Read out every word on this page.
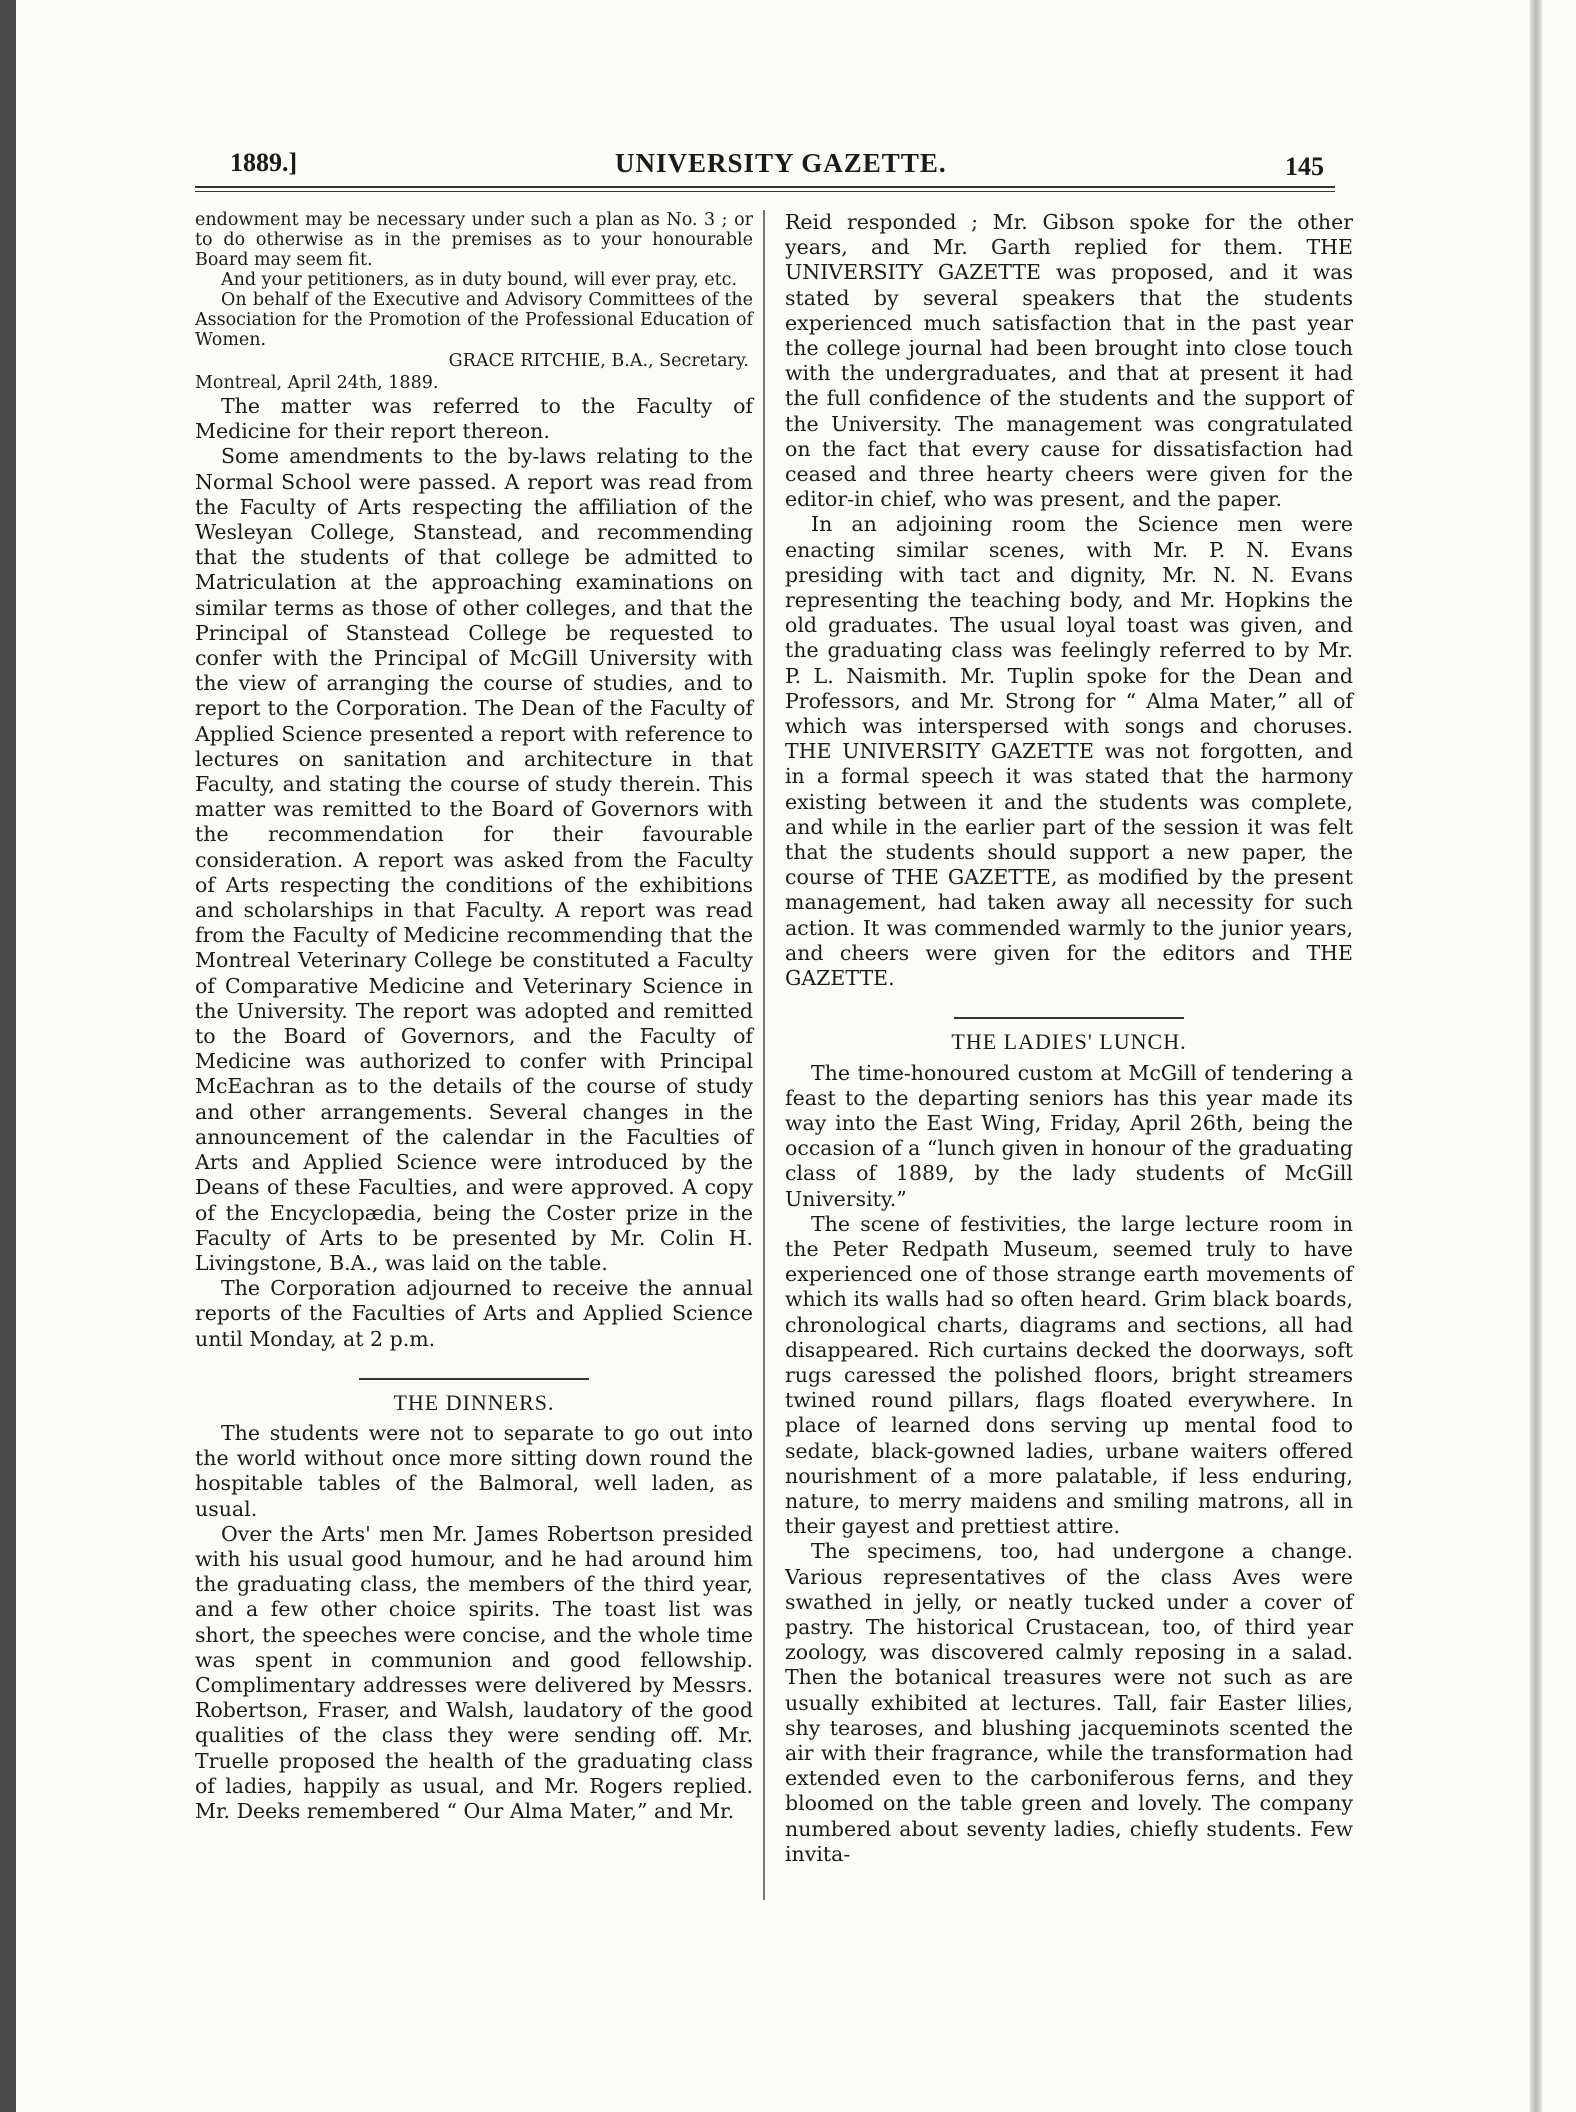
1889.]	UNIVERSITY GAZETTE.	145

endowment may be necessary under such a plan as No. 3 ; or to do otherwise as in the premises as to your honourable Board may seem fit.

And your petitioners, as in duty bound, will ever pray, etc.

On behalf of the Executive and Advisory Committees of the Association for the Promotion of the Professional Education of Women.

GRACE RITCHIE, B.A., Secretary.

Montreal, April 24th, 1889.

The matter was referred to the Faculty of Medicine for their report thereon.

Some amendments to the by-laws relating to the Normal School were passed. A report was read from the Faculty of Arts respecting the affiliation of the Wesleyan College, Stanstead, and recommending that the students of that college be admitted to Matriculation at the approaching examinations on similar terms as those of other colleges, and that the Principal of Stanstead College be requested to confer with the Principal of McGill University with the view of arranging the course of studies, and to report to the Corporation. The Dean of the Faculty of Applied Science presented a report with reference to lectures on sanitation and architecture in that Faculty, and stating the course of study therein. This matter was remitted to the Board of Governors with the recommendation for their favourable consideration. A report was asked from the Faculty of Arts respecting the conditions of the exhibitions and scholarships in that Faculty. A report was read from the Faculty of Medicine recommending that the Montreal Veterinary College be constituted a Faculty of Comparative Medicine and Veterinary Science in the University. The report was adopted and remitted to the Board of Governors, and the Faculty of Medicine was authorized to confer with Principal McEachran as to the details of the course of study and other arrangements. Several changes in the announcement of the calendar in the Faculties of Arts and Applied Science were introduced by the Deans of these Faculties, and were approved. A copy of the Encyclopædia, being the Coster prize in the Faculty of Arts to be presented by Mr. Colin H. Livingstone, B.A., was laid on the table.

The Corporation adjourned to receive the annual reports of the Faculties of Arts and Applied Science until Monday, at 2 p.m.

THE DINNERS.

The students were not to separate to go out into the world without once more sitting down round the hospitable tables of the Balmoral, well laden, as usual.

Over the Arts' men Mr. James Robertson presided with his usual good humour, and he had around him the graduating class, the members of the third year, and a few other choice spirits. The toast list was short, the speeches were concise, and the whole time was spent in communion and good fellowship. Complimentary addresses were delivered by Messrs. Robertson, Fraser, and Walsh, laudatory of the good qualities of the class they were sending off. Mr. Truelle proposed the health of the graduating class of ladies, happily as usual, and Mr. Rogers replied. Mr. Deeks remembered “ Our Alma Mater,” and Mr.

Reid responded ; Mr. Gibson spoke for the other years, and Mr. Garth replied for them. THE UNIVERSITY GAZETTE was proposed, and it was stated by several speakers that the students experienced much satisfaction that in the past year the college journal had been brought into close touch with the undergraduates, and that at present it had the full confidence of the students and the support of the University. The management was congratulated on the fact that every cause for dissatisfaction had ceased and three hearty cheers were given for the editor-in chief, who was present, and the paper.

In an adjoining room the Science men were enacting similar scenes, with Mr. P. N. Evans presiding with tact and dignity, Mr. N. N. Evans representing the teaching body, and Mr. Hopkins the old graduates. The usual loyal toast was given, and the graduating class was feelingly referred to by Mr. P. L. Naismith. Mr. Tuplin spoke for the Dean and Professors, and Mr. Strong for “ Alma Mater,” all of which was interspersed with songs and choruses. THE UNIVERSITY GAZETTE was not forgotten, and in a formal speech it was stated that the harmony existing between it and the students was complete, and while in the earlier part of the session it was felt that the students should support a new paper, the course of THE GAZETTE, as modified by the present management, had taken away all necessity for such action. It was commended warmly to the junior years, and cheers were given for the editors and THE GAZETTE.

THE LADIES' LUNCH.

The time-honoured custom at McGill of tendering a feast to the departing seniors has this year made its way into the East Wing, Friday, April 26th, being the occasion of a “lunch given in honour of the graduating class of 1889, by the lady students of McGill University.”

The scene of festivities, the large lecture room in the Peter Redpath Museum, seemed truly to have experienced one of those strange earth movements of which its walls had so often heard. Grim black boards, chronological charts, diagrams and sections, all had disappeared. Rich curtains decked the doorways, soft rugs caressed the polished floors, bright streamers twined round pillars, flags floated everywhere. In place of learned dons serving up mental food to sedate, black-gowned ladies, urbane waiters offered nourishment of a more palatable, if less enduring, nature, to merry maidens and smiling matrons, all in their gayest and prettiest attire.

The specimens, too, had undergone a change. Various representatives of the class Aves were swathed in jelly, or neatly tucked under a cover of pastry. The historical Crustacean, too, of third year zoology, was discovered calmly reposing in a salad. Then the botanical treasures were not such as are usually exhibited at lectures. Tall, fair Easter lilies, shy tearoses, and blushing jacqueminots scented the air with their fragrance, while the transformation had extended even to the carboniferous ferns, and they bloomed on the table green and lovely. The company numbered about seventy ladies, chiefly students. Few invita-
